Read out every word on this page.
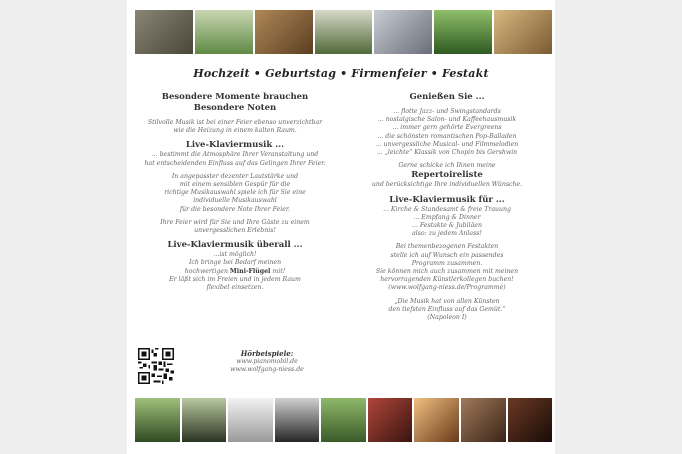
Hochzeit • Geburtstag • Firmenfeier • Festakt
Besondere Momente brauchen
Besondere Noten
Stilvolle Musik ist bei einer Feier ebenso unverzichtbar
wie die Heizung in einem kalten Raum.
Live-Klaviermusik ...
... bestimmt die Atmosphäre Ihrer Veranstaltung und
hat entscheidenden Einfluss auf das Gelingen Ihrer Feier.
In angepasster dezenter Lautstärke und
mit einem sensiblen Gespür für die
richtige Musikauswahl spiele ich für Sie eine
individuelle Musikauswahl
für die besondere Note Ihrer Feier.
Ihre Feier wird für Sie und Ihre Gäste zu einem
unvergesslichen Erlebnis!
Live-Klaviermusik überall ...
...ist möglich!
Ich bringe bei Bedarf meinen
hochwertigen Mini-Flügel mit!
Er läßt sich im Freien und in jedem Raum
flexibel einsetzen.
Hörbeispiele:
www.pianomobil.de
www.wolfgang-niess.de
Genießen Sie ...
... flotte Jazz- und Swingstandards
... nostalgische Salon- und Kaffeehausmusik
... immer gern gehörte Evergreens
... die schönsten romantischen Pop-Balladen
... unvergessliche Musical- und Filmmelodien
... „leichte“ Klassik von Chopin bis Gershwin
Gerne schicke ich Ihnen meine
Repertoireliste
und berücksichtige Ihre individuellen Wünsche.
Live-Klaviermusik für ...
... Kirche & Standesamt & freie Trauung
... Empfang & Dinner
... Festakte & Jubiläen
also: zu jedem Anlass!
Bei themenbezogenen Festakten
stelle ich auf Wunsch ein passendes
Programm zusammen.
Sie können mich auch zusammen mit meinen
hervorragenden Künstlerkollegen buchen!
(www.wolfgang-niess.de/Programme)
„Die Musik hat von allen Künsten
den tiefsten Einfluss auf das Gemüt.“
(Napoleon I)
